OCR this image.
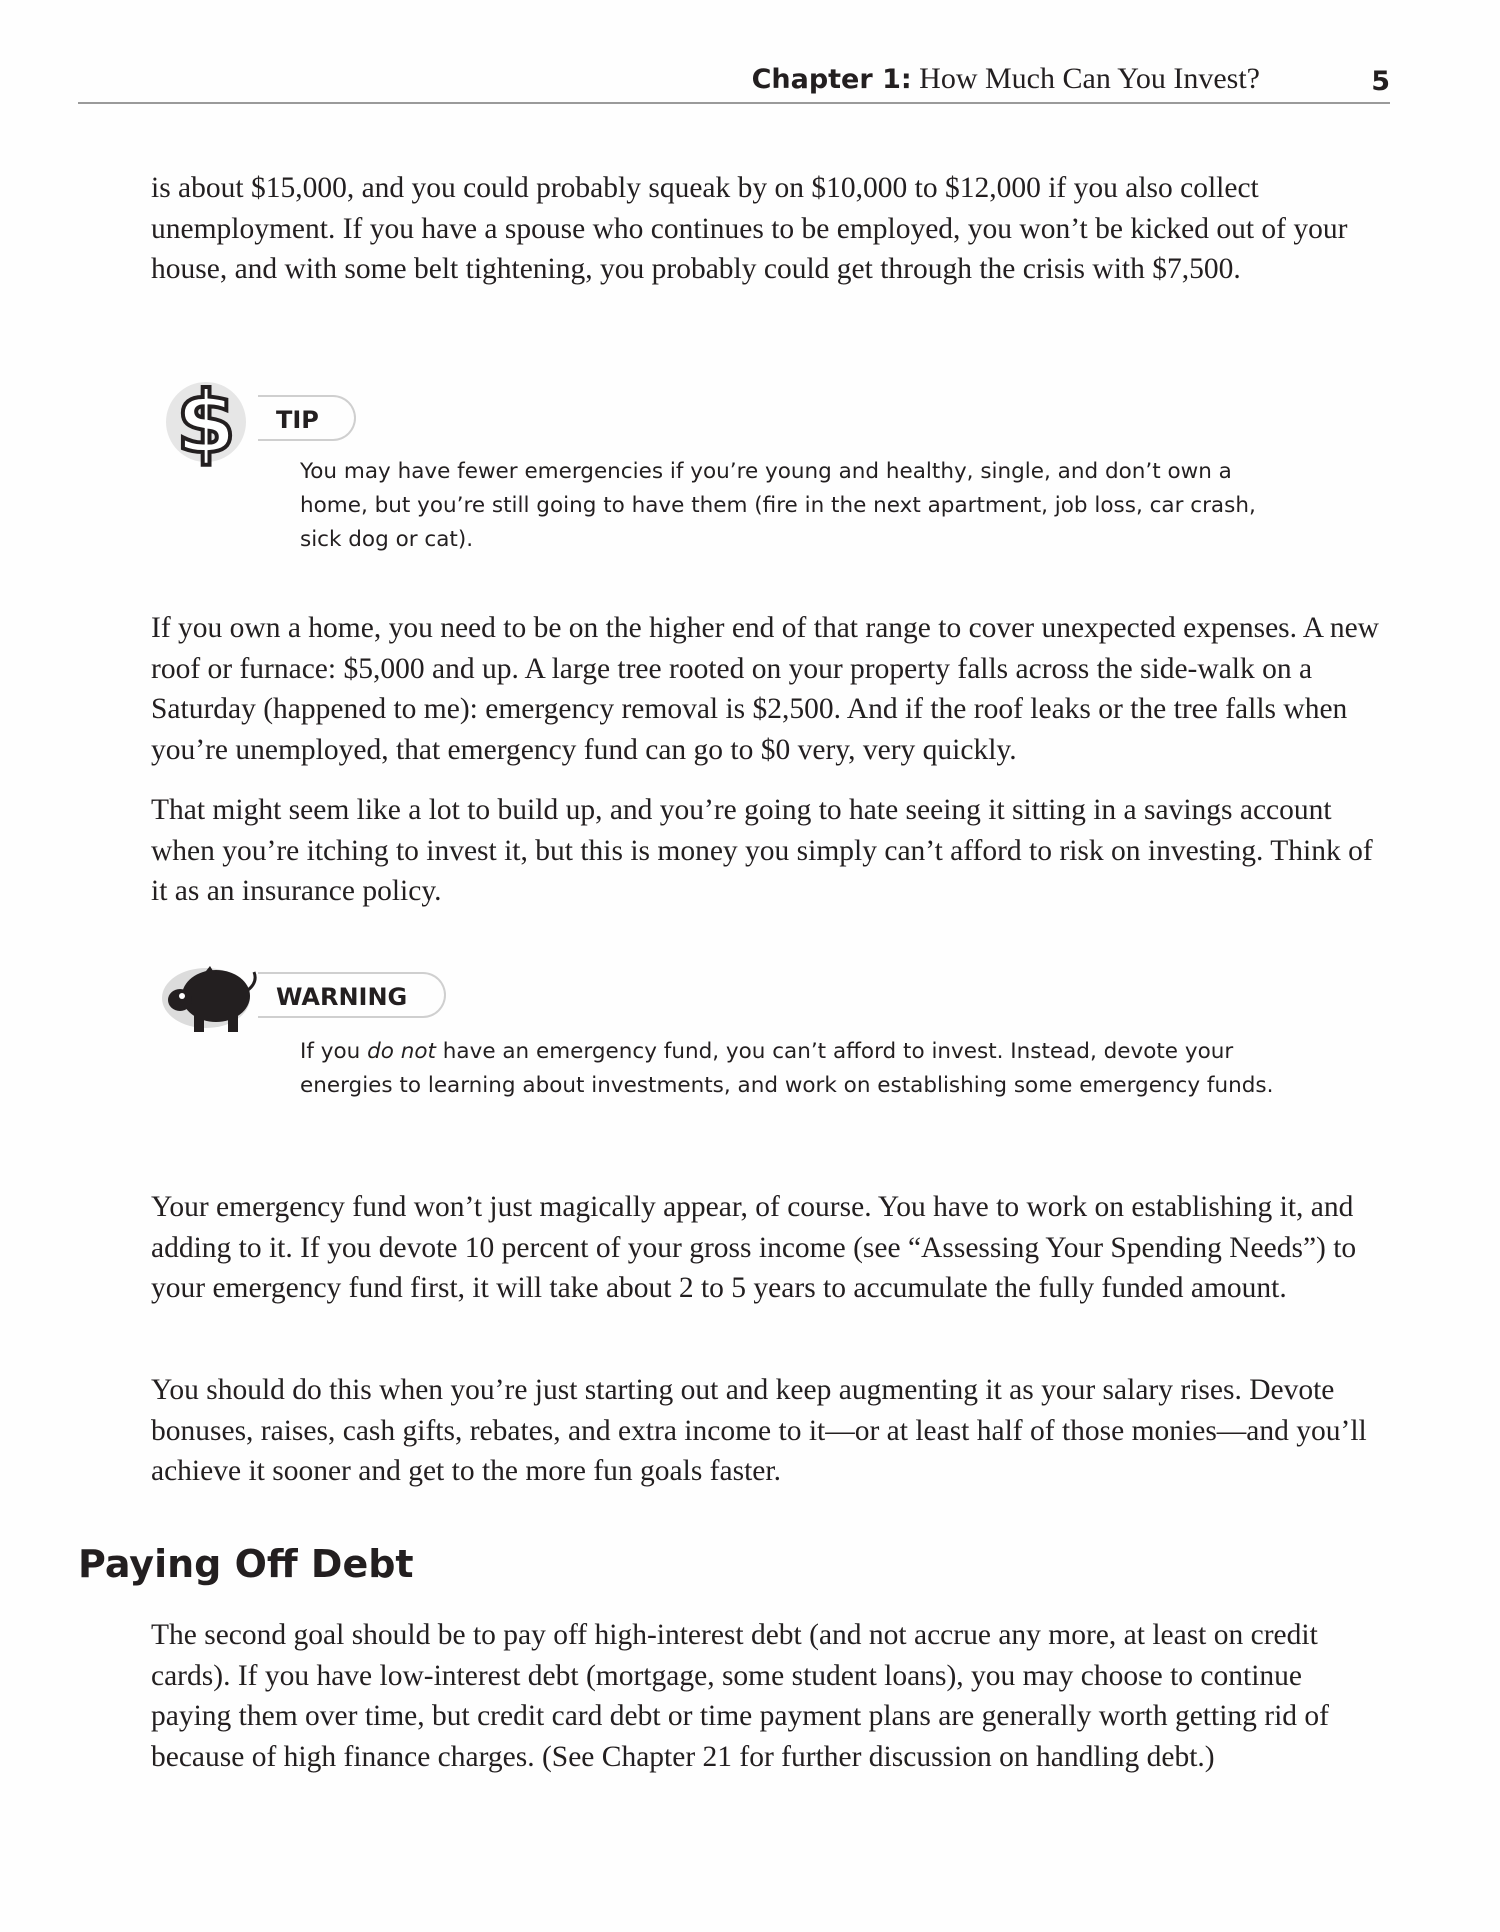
Chapter 1: How Much Can You Invest?	5

is about $15,000, and you could probably squeak by on $10,000 to $12,000 if you also collect unemployment. If you have a spouse who continues to be employed, you won’t be kicked out of your house, and with some belt tightening, you probably could get through the crisis with $7,500.

$	TIP

You may have fewer emergencies if you’re young and healthy, single, and don’t own a home, but you’re still going to have them (fire in the next apartment, job loss, car crash, sick dog or cat).

If you own a home, you need to be on the higher end of that range to cover unexpected expenses. A new roof or furnace: $5,000 and up. A large tree rooted on your property falls across the side-walk on a Saturday (happened to me): emergency removal is $2,500. And if the roof leaks or the tree falls when you’re unemployed, that emergency fund can go to $0 very, very quickly.

That might seem like a lot to build up, and you’re going to hate seeing it sitting in a savings account when you’re itching to invest it, but this is money you simply can’t afford to risk on investing. Think of it as an insurance policy.

WARNING

If you do not have an emergency fund, you can’t afford to invest. Instead, devote your energies to learning about investments, and work on establishing some emergency funds.

Your emergency fund won’t just magically appear, of course. You have to work on establishing it, and adding to it. If you devote 10 percent of your gross income (see “Assessing Your Spending Needs”) to your emergency fund first, it will take about 2 to 5 years to accumulate the fully funded amount.

You should do this when you’re just starting out and keep augmenting it as your salary rises. Devote bonuses, raises, cash gifts, rebates, and extra income to it—or at least half of those monies—and you’ll achieve it sooner and get to the more fun goals faster.

Paying Off Debt

The second goal should be to pay off high-interest debt (and not accrue any more, at least on credit cards). If you have low-interest debt (mortgage, some student loans), you may choose to continue paying them over time, but credit card debt or time payment plans are generally worth getting rid of because of high finance charges. (See Chapter 21 for further discussion on handling debt.)
